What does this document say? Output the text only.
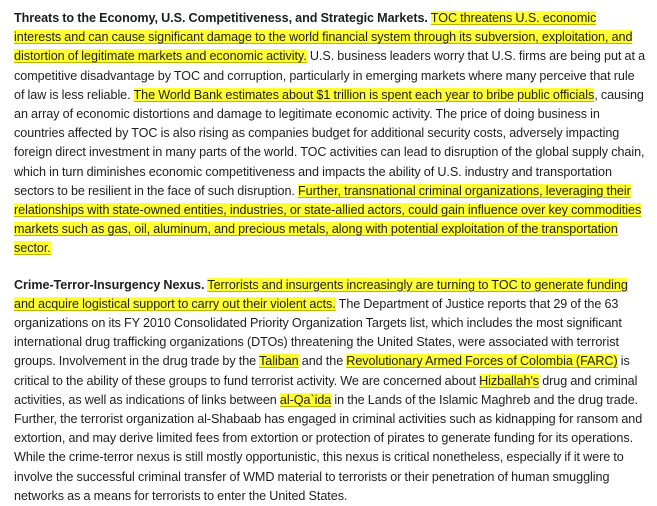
Threats to the Economy, U.S. Competitiveness, and Strategic Markets. TOC threatens U.S. economic interests and can cause significant damage to the world financial system through its subversion, exploitation, and distortion of legitimate markets and economic activity. U.S. business leaders worry that U.S. firms are being put at a competitive disadvantage by TOC and corruption, particularly in emerging markets where many perceive that rule of law is less reliable. The World Bank estimates about $1 trillion is spent each year to bribe public officials, causing an array of economic distortions and damage to legitimate economic activity. The price of doing business in countries affected by TOC is also rising as companies budget for additional security costs, adversely impacting foreign direct investment in many parts of the world. TOC activities can lead to disruption of the global supply chain, which in turn diminishes economic competitiveness and impacts the ability of U.S. industry and transportation sectors to be resilient in the face of such disruption. Further, transnational criminal organizations, leveraging their relationships with state-owned entities, industries, or state-allied actors, could gain influence over key commodities markets such as gas, oil, aluminum, and precious metals, along with potential exploitation of the transportation sector.

Crime-Terror-Insurgency Nexus. Terrorists and insurgents increasingly are turning to TOC to generate funding and acquire logistical support to carry out their violent acts. The Department of Justice reports that 29 of the 63 organizations on its FY 2010 Consolidated Priority Organization Targets list, which includes the most significant international drug trafficking organizations (DTOs) threatening the United States, were associated with terrorist groups. Involvement in the drug trade by the Taliban and the Revolutionary Armed Forces of Colombia (FARC) is critical to the ability of these groups to fund terrorist activity. We are concerned about Hizballah's drug and criminal activities, as well as indications of links between al-Qa`ida in the Lands of the Islamic Maghreb and the drug trade. Further, the terrorist organization al-Shabaab has engaged in criminal activities such as kidnapping for ransom and extortion, and may derive limited fees from extortion or protection of pirates to generate funding for its operations. While the crime-terror nexus is still mostly opportunistic, this nexus is critical nonetheless, especially if it were to involve the successful criminal transfer of WMD material to terrorists or their penetration of human smuggling networks as a means for terrorists to enter the United States.
